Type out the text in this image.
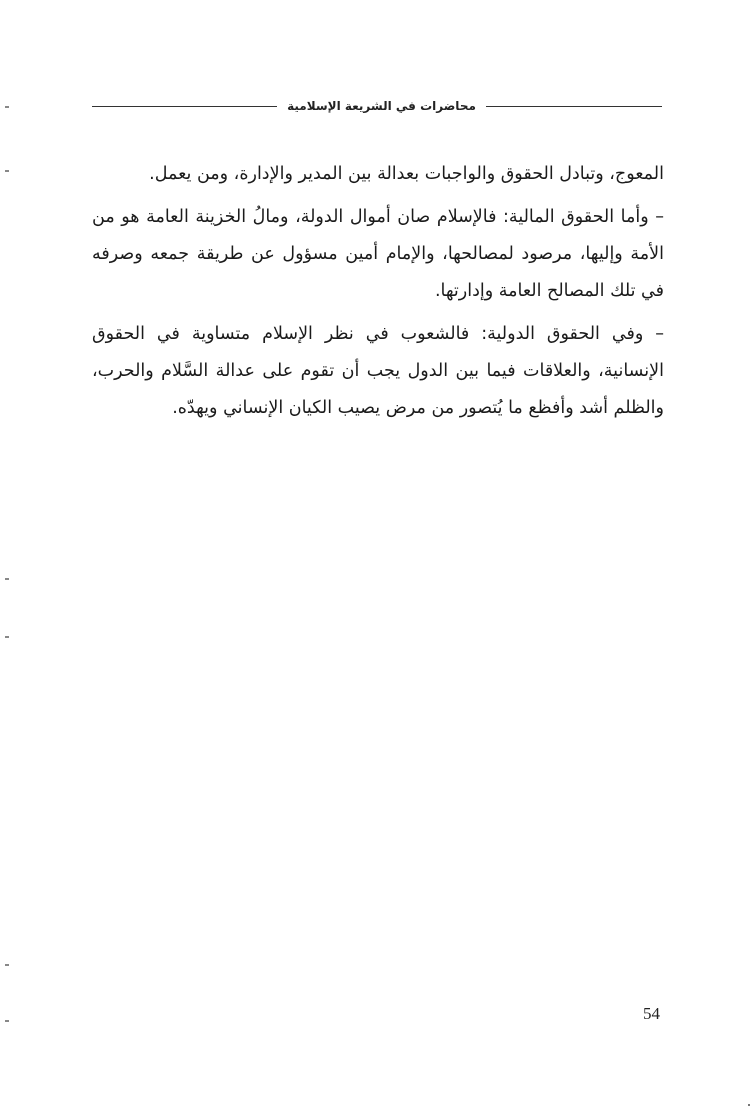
محاضرات في الشريعة الإسلامية

المعوج، وتبادل الحقوق والواجبات بعدالة بين المدير والإدارة، ومن يعمل.

– وأما الحقوق المالية: فالإسلام صان أموال الدولة، ومالُ الخزينة العامة هو من الأمة وإليها، مرصود لمصالحها، والإمام أمين مسؤول عن طريقة جمعه وصرفه في تلك المصالح العامة وإدارتها.

– وفي الحقوق الدولية: فالشعوب في نظر الإسلام متساوية في الحقوق الإنسانية، والعلاقات فيما بين الدول يجب أن تقوم على عدالة السَّلام والحرب، والظلم أشد وأفظع ما يُتصور من مرض يصيب الكيان الإنساني ويهدّه.

54
